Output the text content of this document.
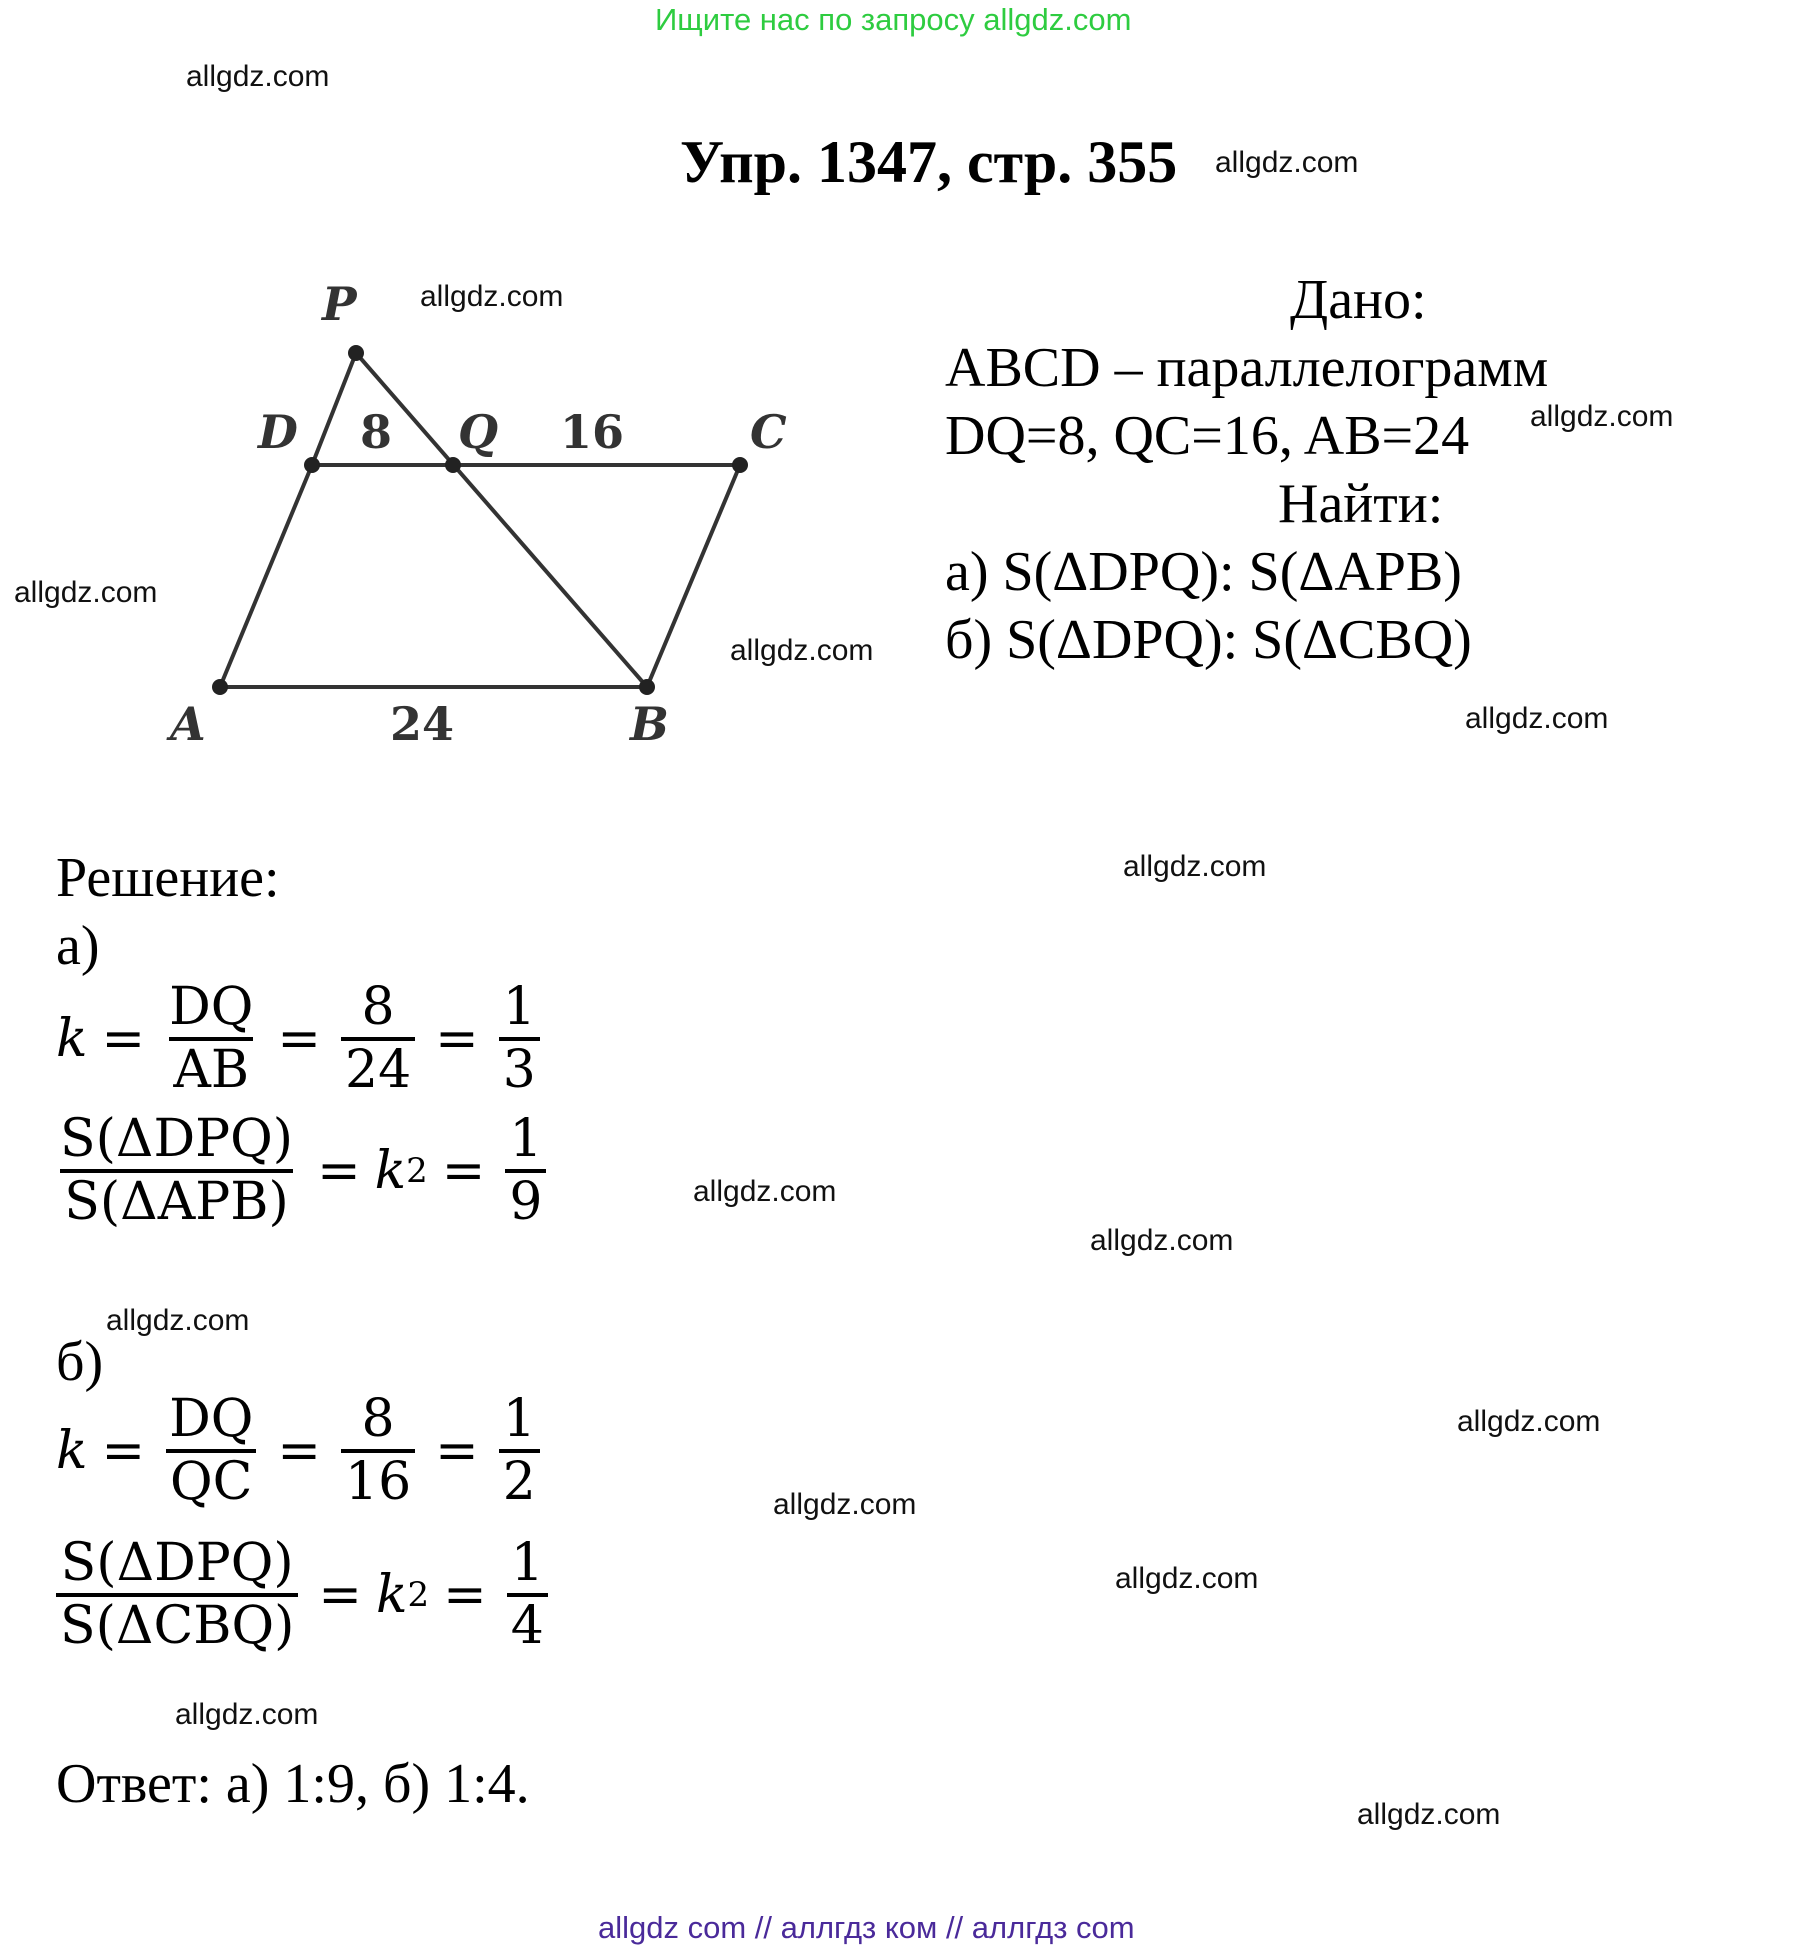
Ищите нас по запросу allgdz.com
allgdz com // аллгдз ком // аллгдз com
Упр. 1347, стр. 355
P
D	Q	C
A	B
8	16
24
Дано:
ABCD – параллелограмм
DQ=8, QC=16, AB=24
Найти:
а) S(ΔDPQ): S(ΔAPB)
б) S(ΔDPQ): S(ΔCBQ)
Решение:
а)
$k = \frac{DQ}{AB} = \frac{8}{24} = \frac{1}{3}$
$\frac{\text{S(ΔDPQ)}}{\text{S(ΔAPB)}} = k$ $2 = \frac{1}{9}$
б)
$k = \frac{DQ}{QC} = \frac{8}{16} = \frac{1}{2}$
$\frac{\text{S(ΔDPQ)}}{\text{S(ΔCBQ)}} = k$ $2 = \frac{1}{4}$
Ответ: а) 1:9, б) 1:4.
allgdz.com
allgdz.com
allgdz.com
allgdz.com
allgdz.com
allgdz.com
allgdz.com
allgdz.com
allgdz.com
allgdz.com
allgdz.com
allgdz.com
allgdz.com
allgdz.com
allgdz.com
allgdz.com
